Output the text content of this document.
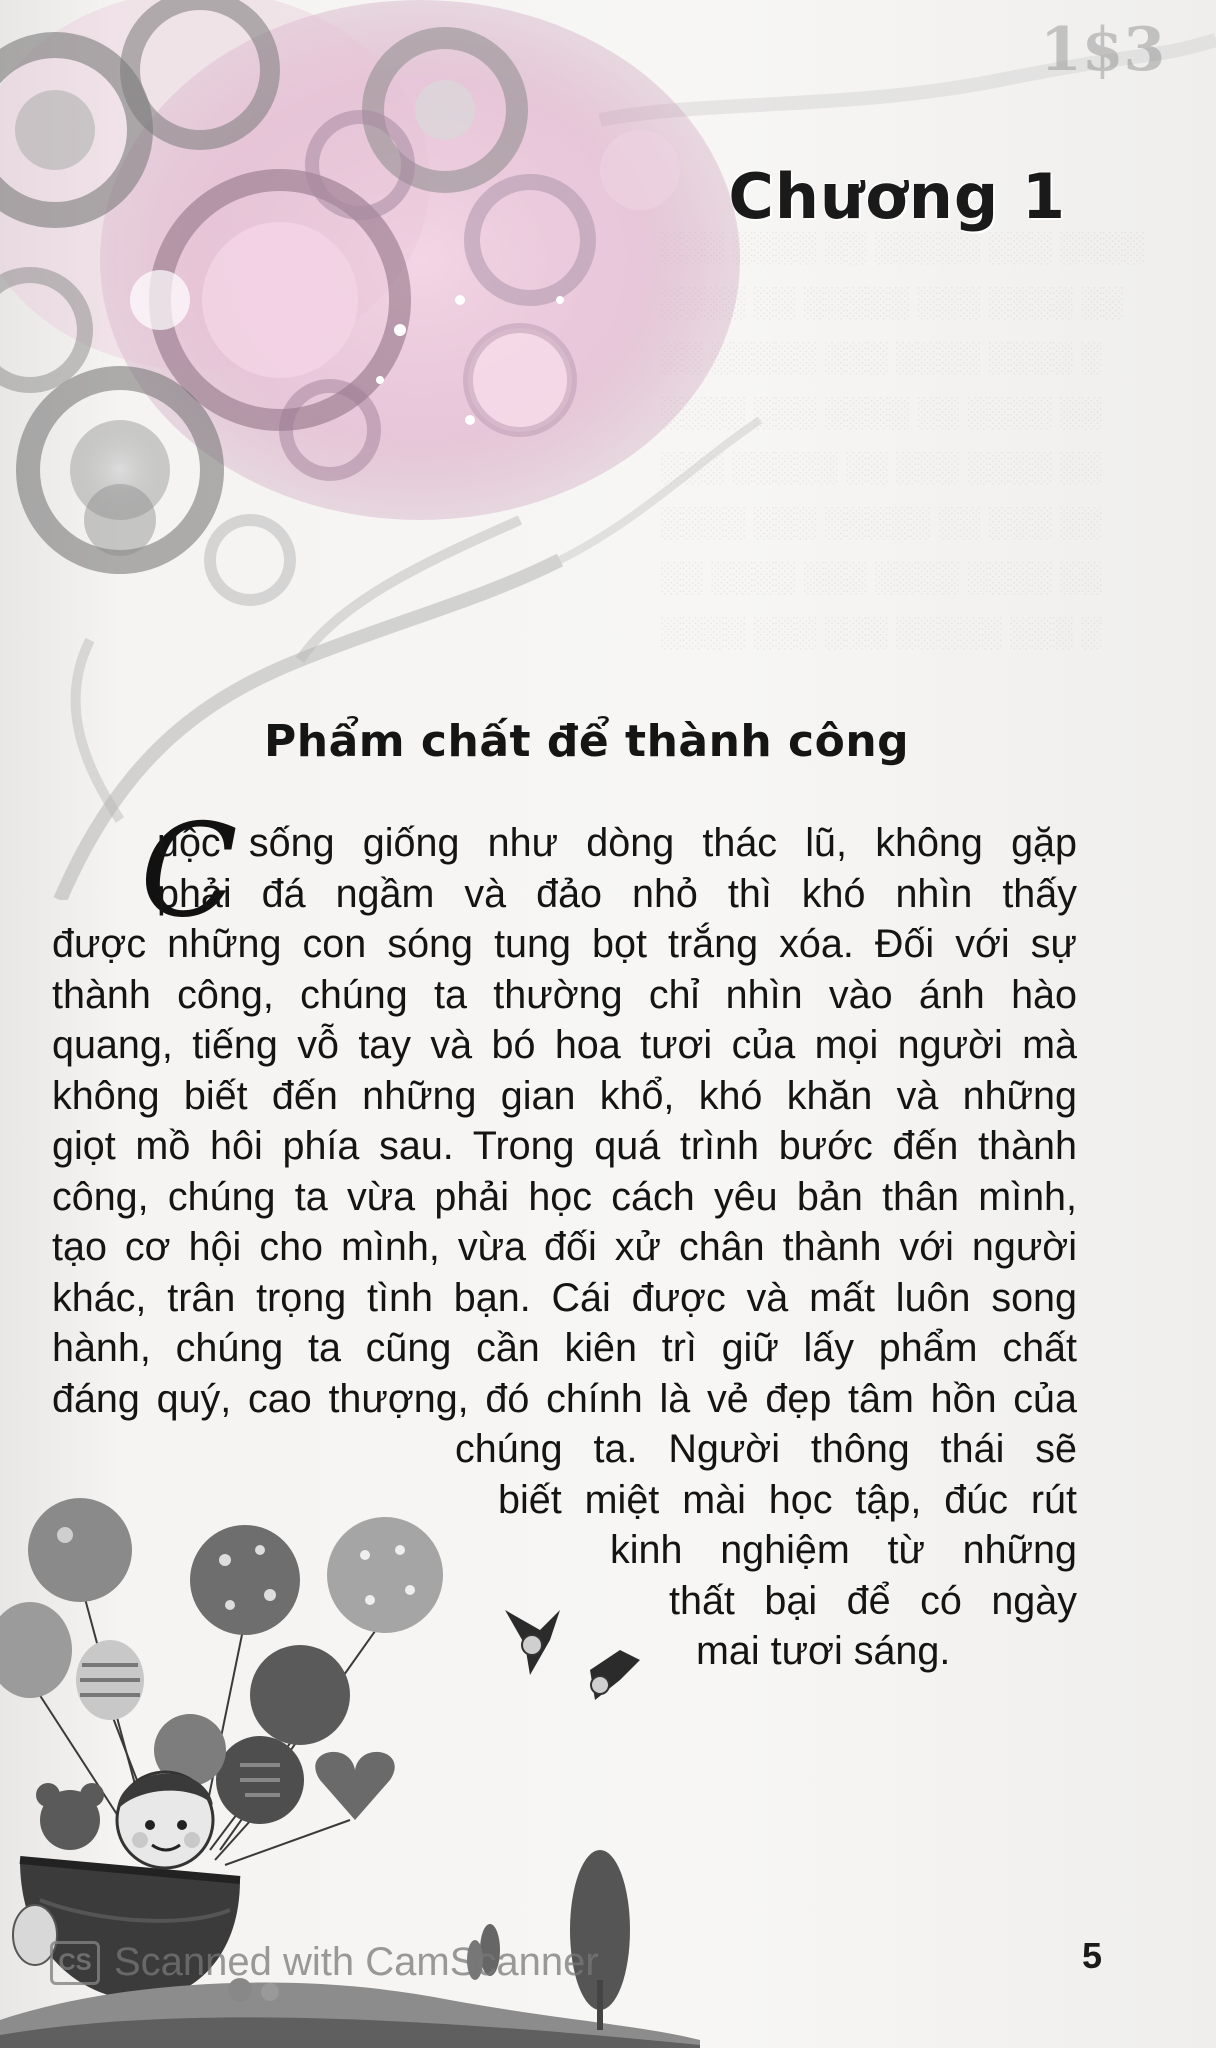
░░░ ░░░░ ░░ ░░░░░ ░░░ ░░░░
░░░░ ░░ ░░░░░ ░░░ ░░░░ ░░
░░ ░░░░░ ░░░ ░░░░ ░░░░ ░
░░░░ ░░░ ░░░░ ░░ ░░░░ ░░
░░░ ░░░░░ ░░ ░░░ ░░░░ ░░
░░░░ ░░░ ░░░░░ ░░ ░░░ ░░
░░ ░░░░ ░░░ ░░░░ ░░░░ ░░
░░░░ ░░░ ░░░ ░░░░░ ░░░ ░
1$3
Chương 1
Phẩm chất để thành công
C
uộc sống giống như dòng thác lũ, không gặp
phải đá ngầm và đảo nhỏ thì khó nhìn thấy
được những con sóng tung bọt trắng xóa. Đối với sự
thành công, chúng ta thường chỉ nhìn vào ánh hào
quang, tiếng vỗ tay và bó hoa tươi của mọi người mà
không biết đến những gian khổ, khó khăn và những
giọt mồ hôi phía sau. Trong quá trình bước đến thành
công, chúng ta vừa phải học cách yêu bản thân mình,
tạo cơ hội cho mình, vừa đối xử chân thành với người
khác, trân trọng tình bạn. Cái được và mất luôn song
hành, chúng ta cũng cần kiên trì giữ lấy phẩm chất
đáng quý, cao thượng, đó chính là vẻ đẹp tâm hồn của
chúng ta. Người thông thái sẽ
biết miệt mài học tập, đúc rút
kinh nghiệm từ những
thất bại để có ngày
mai tươi sáng.
CS Scanned with CamScanner	5
